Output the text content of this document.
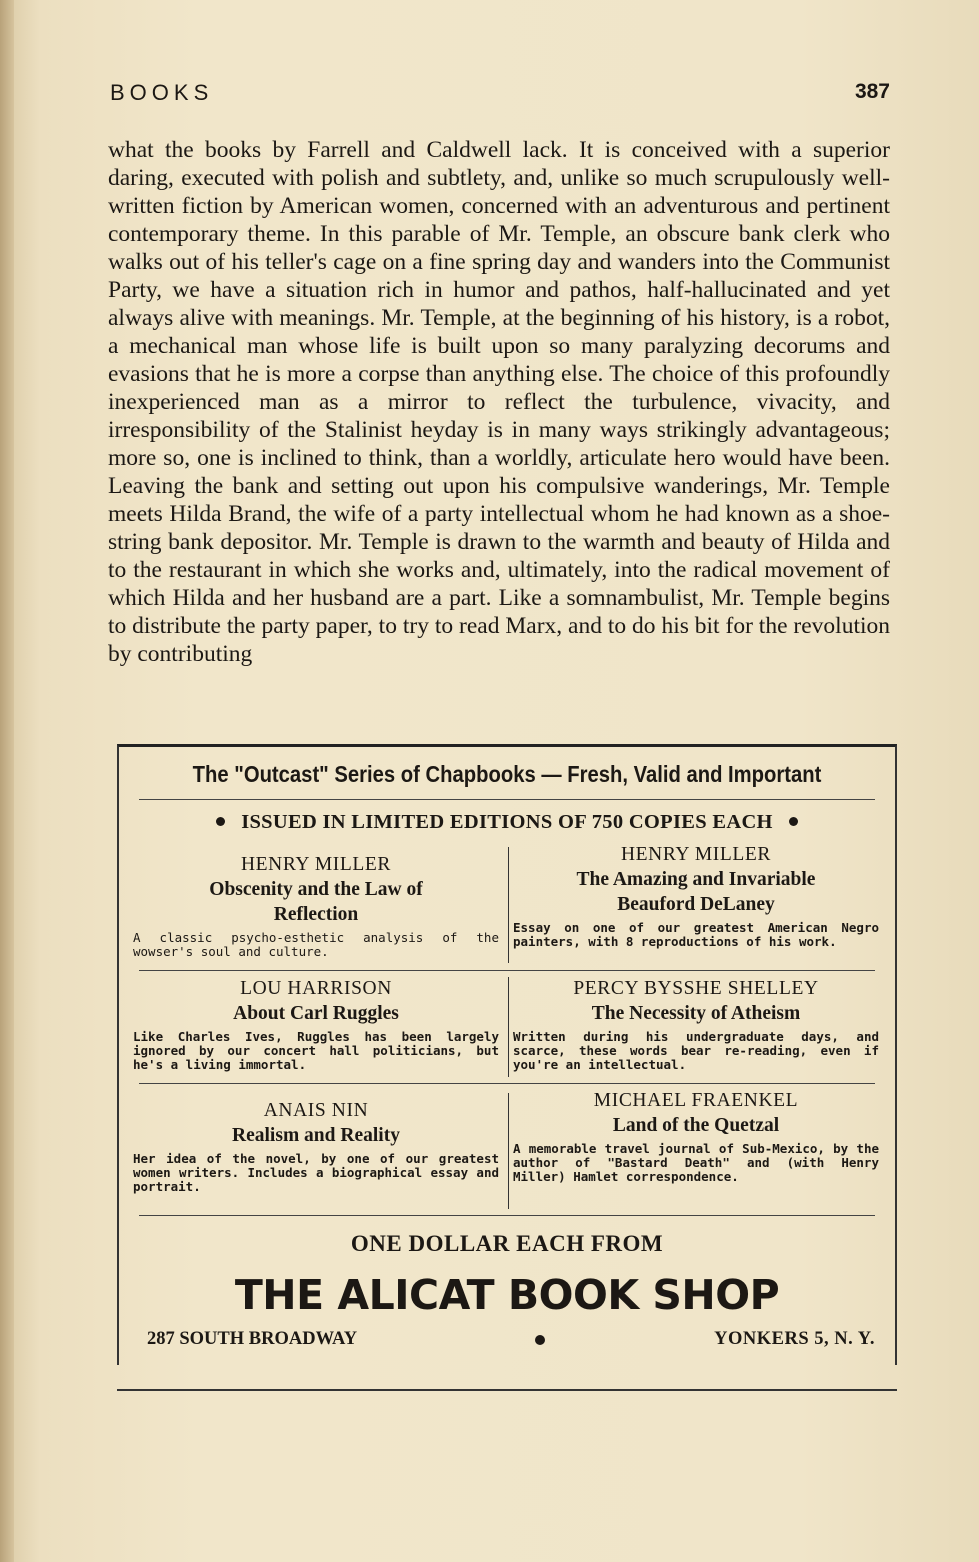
BOOKS	387
what the books by Farrell and Caldwell lack. It is conceived with a superior daring, executed with polish and subtlety, and, unlike so much scrupulously well-written fiction by American women, concerned with an adventurous and pertinent contemporary theme. In this parable of Mr. Temple, an obscure bank clerk who walks out of his teller's cage on a fine spring day and wanders into the Communist Party, we have a situation rich in humor and pathos, half-hallucinated and yet always alive with meanings. Mr. Temple, at the beginning of his history, is a robot, a mechanical man whose life is built upon so many paralyzing decorums and evasions that he is more a corpse than anything else. The choice of this profoundly inexperienced man as a mirror to reflect the turbulence, vivacity, and irresponsibility of the Stalinist heyday is in many ways strikingly advantageous; more so, one is inclined to think, than a worldly, articulate hero would have been. Leaving the bank and setting out upon his compulsive wanderings, Mr. Temple meets Hilda Brand, the wife of a party intellectual whom he had known as a shoe-string bank depositor. Mr. Temple is drawn to the warmth and beauty of Hilda and to the restaurant in which she works and, ultimately, into the radical movement of which Hilda and her husband are a part. Like a somnambulist, Mr. Temple begins to distribute the party paper, to try to read Marx, and to do his bit for the revolution by contributing
The "Outcast" Series of Chapbooks — Fresh, Valid and Important
ISSUED IN LIMITED EDITIONS OF 750 COPIES EACH
HENRY MILLER
Obscenity and the Law of Reflection
A classic psycho-esthetic analysis of the wowser's soul and culture.
HENRY MILLER
The Amazing and Invariable Beauford DeLaney
Essay on one of our greatest American Negro painters, with 8 reproductions of his work.
LOU HARRISON
About Carl Ruggles
Like Charles Ives, Ruggles has been largely ignored by our concert hall politicians, but he's a living immortal.
PERCY BYSSHE SHELLEY
The Necessity of Atheism
Written during his undergraduate days, and scarce, these words bear re-reading, even if you're an intellectual.
ANAIS NIN
Realism and Reality
Her idea of the novel, by one of our greatest women writers. Includes a biographical essay and portrait.
MICHAEL FRAENKEL
Land of the Quetzal
A memorable travel journal of Sub-Mexico, by the author of "Bastard Death" and (with Henry Miller) Hamlet correspondence.
ONE DOLLAR EACH FROM
THE ALICAT BOOK SHOP
287 SOUTH BROADWAY	YONKERS 5, N. Y.
